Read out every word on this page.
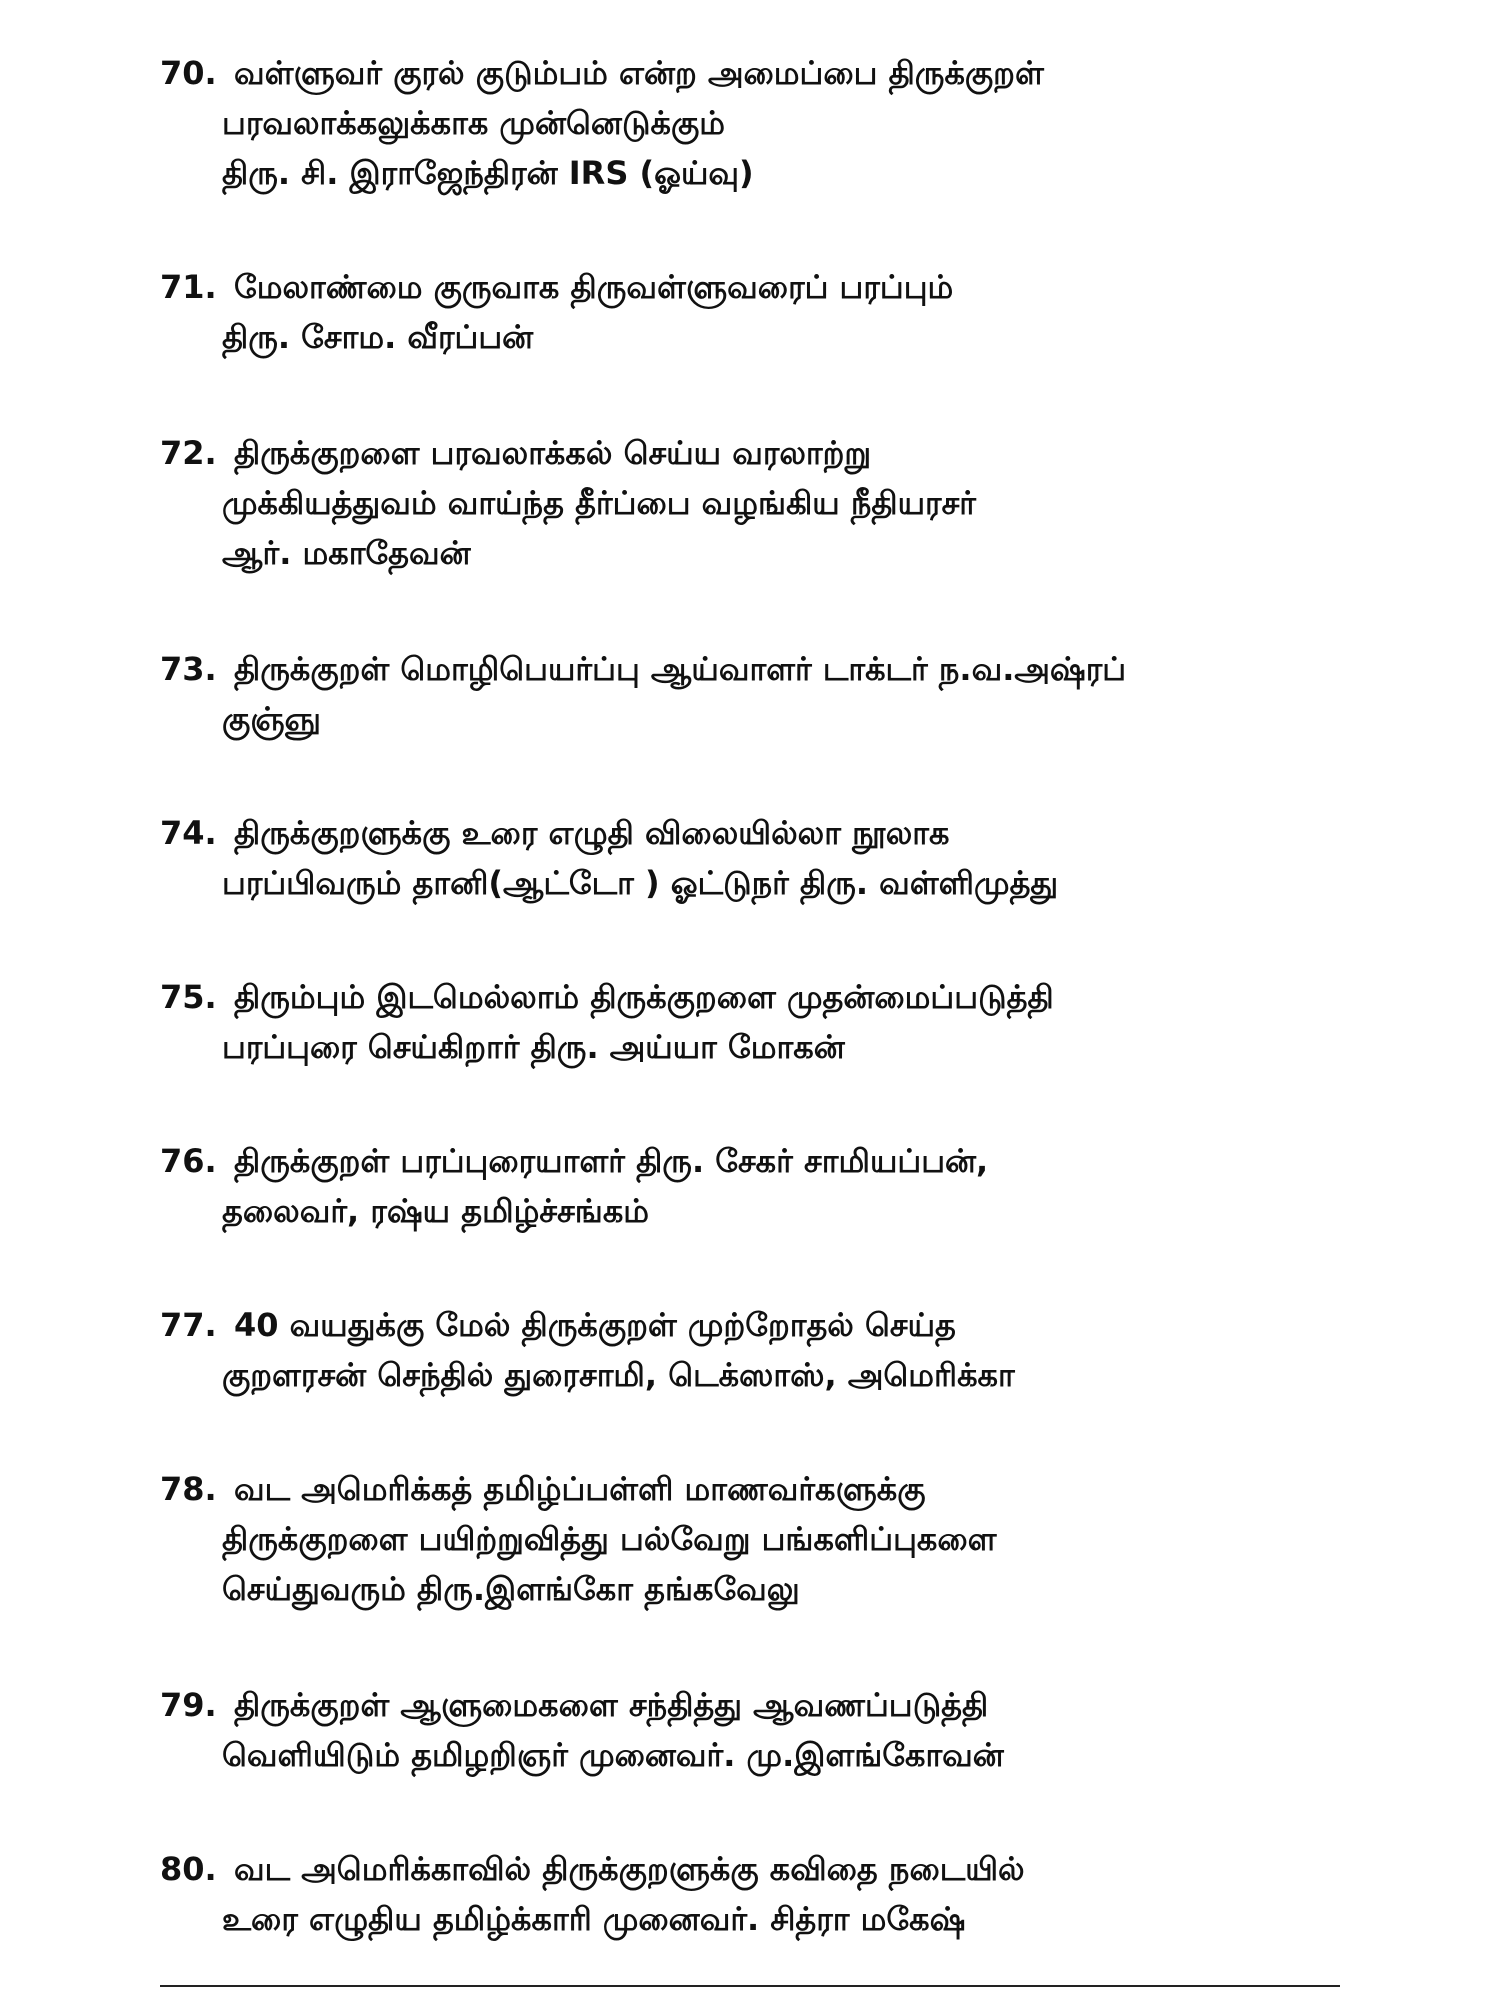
70. வள்ளுவர் குரல் குடும்பம் என்ற அமைப்பை திருக்குறள்
பரவலாக்கலுக்காக முன்னெடுக்கும்
திரு. சி. இராஜேந்திரன் IRS (ஓய்வு)
71. மேலாண்மை குருவாக திருவள்ளுவரைப் பரப்பும்
திரு. சோம. வீரப்பன்
72. திருக்குறளை பரவலாக்கல் செய்ய வரலாற்று
முக்கியத்துவம் வாய்ந்த தீர்ப்பை வழங்கிய நீதியரசர்
ஆர். மகாதேவன்
73. திருக்குறள் மொழிபெயர்ப்பு ஆய்வாளர் டாக்டர் ந.வ.அஷ்ரப்
குஞ்ஞு
74. திருக்குறளுக்கு உரை எழுதி விலையில்லா நூலாக
பரப்பிவரும் தானி(ஆட்டோ ) ஓட்டுநர் திரு. வள்ளிமுத்து
75. திரும்பும் இடமெல்லாம் திருக்குறளை முதன்மைப்படுத்தி
பரப்புரை செய்கிறார் திரு. அய்யா மோகன்
76. திருக்குறள் பரப்புரையாளர் திரு. சேகர் சாமியப்பன்,
தலைவர், ரஷ்ய தமிழ்ச்சங்கம்
77. 40 வயதுக்கு மேல் திருக்குறள் முற்றோதல் செய்த
குறளரசன் செந்தில் துரைசாமி, டெக்ஸாஸ், அமெரிக்கா
78. வட அமெரிக்கத் தமிழ்ப்பள்ளி மாணவர்களுக்கு
திருக்குறளை பயிற்றுவித்து பல்வேறு பங்களிப்புகளை
செய்துவரும் திரு.இளங்கோ தங்கவேலு
79. திருக்குறள் ஆளுமைகளை சந்தித்து ஆவணப்படுத்தி
வெளியிடும் தமிழறிஞர் முனைவர். மு.இளங்கோவன்
80. வட அமெரிக்காவில் திருக்குறளுக்கு கவிதை நடையில்
உரை எழுதிய தமிழ்க்காரி முனைவர். சித்ரா மகேஷ்
